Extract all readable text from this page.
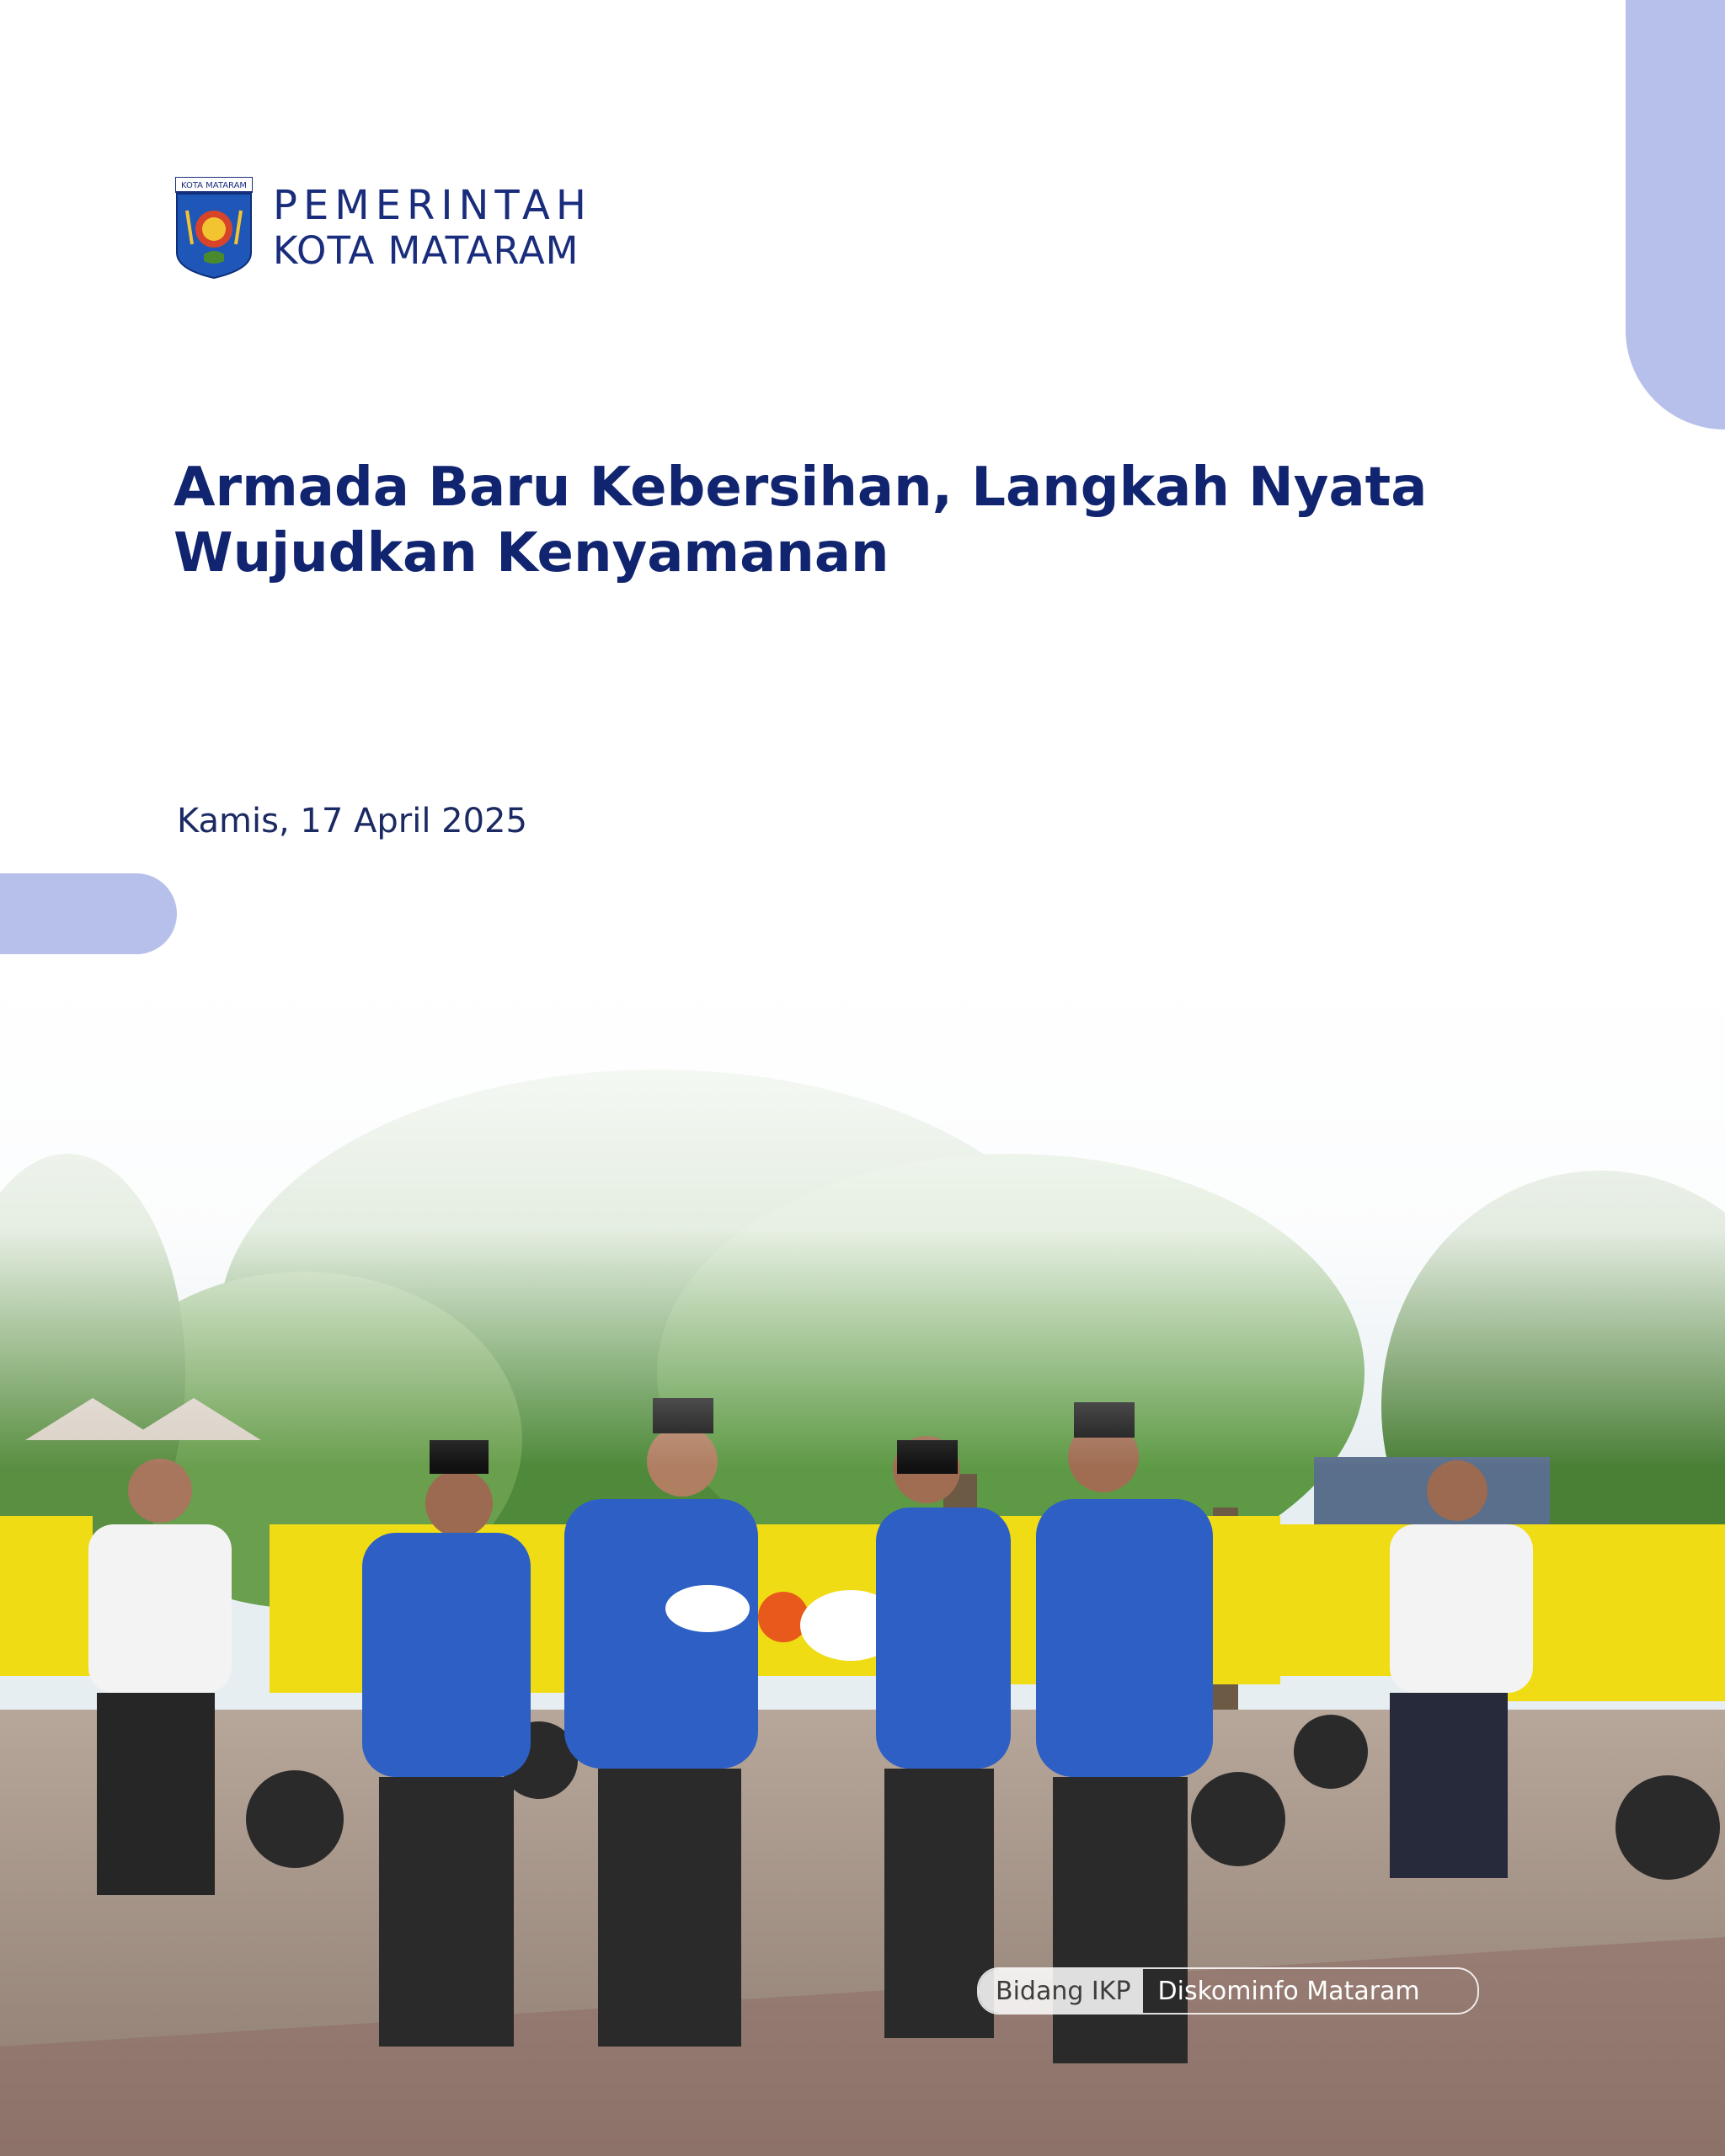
KOTA MATARAM PEMERINTAH
KOTA MATARAM
Armada Baru Kebersihan, Langkah Nyata
Wujudkan Kenyamanan
Kamis, 17 April 2025
Bidang IKP	Diskominfo Mataram
